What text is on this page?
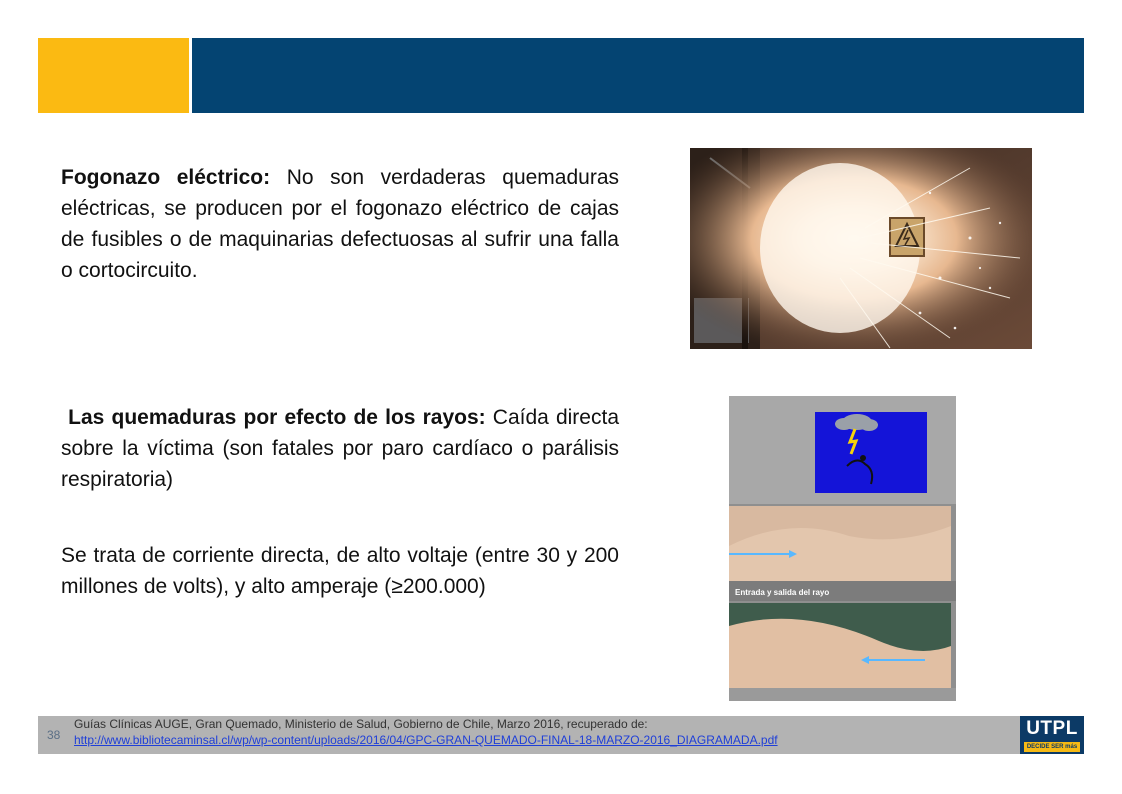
Fogonazo eléctrico: No son verdaderas quemaduras eléctricas, se producen por el fogonazo eléctrico de cajas de fusibles o de maquinarias defectuosas al sufrir una falla o cortocircuito.

Las quemaduras por efecto de los rayos: Caída directa sobre la víctima (son fatales por paro cardíaco o parálisis respiratoria)

Se trata de corriente directa, de alto voltaje (entre 30 y 200 millones de volts), y alto amperaje (≥200.000)	Entrada y salida del rayo
38
Guías Clínicas AUGE, Gran Quemado, Ministerio de Salud, Gobierno de Chile, Marzo 2016, recuperado de:
http://www.bibliotecaminsal.cl/wp/wp-content/uploads/2016/04/GPC-GRAN-QUEMADO-FINAL-18-MARZO-2016_DIAGRAMADA.pdf
UTPL
DECIDE SER más
